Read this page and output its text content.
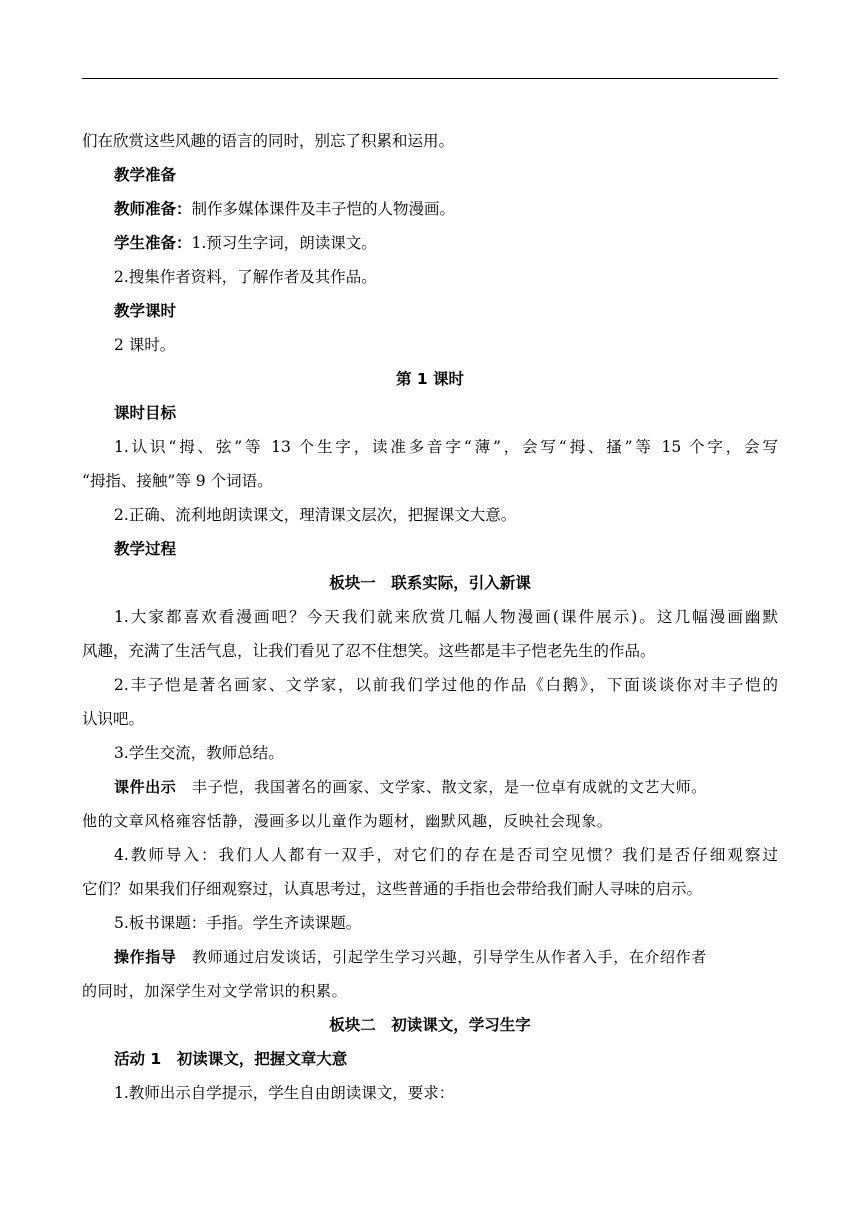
们在欣赏这些风趣的语言的同时，别忘了积累和运用。
教学准备
教师准备：制作多媒体课件及丰子恺的人物漫画。
学生准备：1.预习生字词，朗读课文。
2.搜集作者资料，了解作者及其作品。
教学课时
2 课时。
第 1 课时
课时目标
1.认识“拇、弦”等 13 个生字，读准多音字“薄”，会写“拇、搔”等 15 个字，会写
“拇指、接触”等 9 个词语。
2.正确、流利地朗读课文，理清课文层次，把握课文大意。
教学过程
板块一　联系实际，引入新课
1.大家都喜欢看漫画吧？今天我们就来欣赏几幅人物漫画(课件展示)。这几幅漫画幽默
风趣，充满了生活气息，让我们看见了忍不住想笑。这些都是丰子恺老先生的作品。
2.丰子恺是著名画家、文学家，以前我们学过他的作品《白鹅》，下面谈谈你对丰子恺的
认识吧。
3.学生交流，教师总结。
课件出示　 丰子恺，我国著名的画家、文学家、散文家，是一位卓有成就的文艺大师。
他的文章风格雍容恬静，漫画多以儿童作为题材，幽默风趣，反映社会现象。
4.教师导入：我们人人都有一双手，对它们的存在是否司空见惯？我们是否仔细观察过
它们？如果我们仔细观察过，认真思考过，这些普通的手指也会带给我们耐人寻味的启示。
5.板书课题：手指。学生齐读课题。
操作指导　 教师通过启发谈话，引起学生学习兴趣，引导学生从作者入手，在介绍作者
的同时，加深学生对文学常识的积累。
板块二　初读课文，学习生字
活动 1　 初读课文，把握文章大意
1.教师出示自学提示，学生自由朗读课文，要求：
